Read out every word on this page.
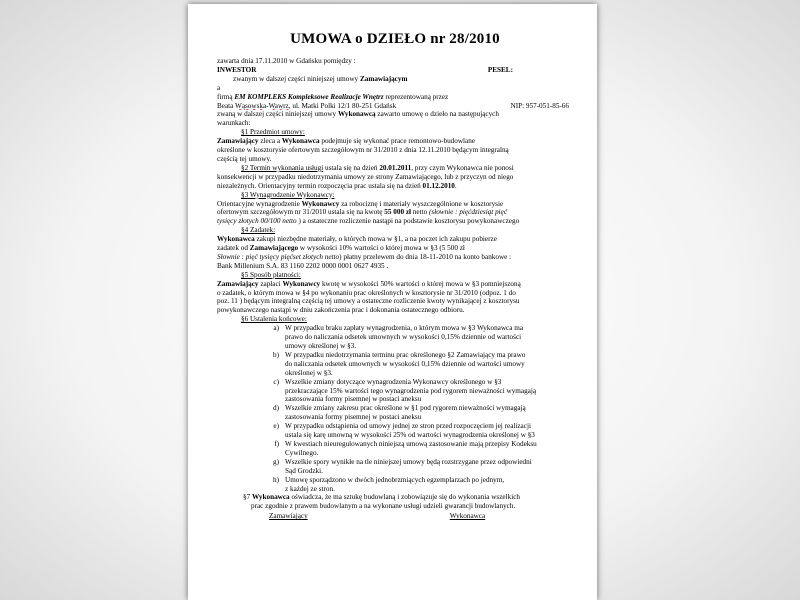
UMOWA o DZIEŁO nr 28/2010
zawarta dnia 17.11.2010 w Gdańsku pomiędzy :
INWESTOR	PESEL:
zwanym w dalszej części niniejszej umowy Zamawiającym
a
firmą EM KOMPLEKS Kompleksowe Realizacje Wnętrz reprezentowaną przez
Beata Wąsowska-Wawrz, ul. Matki Polki 12/1 80-251 Gdańsk	NIP: 957-051-85-66
zwaną w dalszej części niniejszej umowy Wykonawcą zawarto umowę o dzieło na następujących
warunkach:
§1 Przedmiot umowy:
Zamawiający zleca a Wykonawca podejmuje się wykonać prace remontowo-budowlane
określone w kosztorysie ofertowym szczegółowym nr 31/2010 z dnia 12.11.2010 będącym integralną
częścią tej umowy.
§2 Termin wykonania usługi ustala się na dzień 20.01.2011, przy czym Wykonawca nie ponosi
konsekwencji w przypadku niedotrzymania umowy ze strony Zamawiającego, lub z przyczyn od niego
niezależnych. Orientacyjny termin rozpoczęcia prac ustala się na dzień 01.12.2010.
§3 Wynagrodzenie Wykonawcy:
Orientacyjne wynagrodzenie Wykonawcy za robociznę i materiały wyszczególnione w kosztorysie
ofertowym szczegółowym nr 31/2010 ustala się na kwotę 55 000 zł netto (słownie : pięćdziesiąt pięć
tysięcy złotych 00/100 netto ) a ostateczne rozliczenie nastąpi na podstawie kosztorysu powykonawczego
§4 Zadatek:
Wykonawca zakupi niezbędne materiały, o których mowa w §1, a na poczet ich zakupu pobierze
zadatek od Zamawiającego w wysokości 10% wartości o której mowa w §3 (5 500 zł
Słownie : pięć tysięcy pięćset złotych netto) płatny przelewem do dnia 18-11-2010 na konto bankowe :
Bank Millenium S.A. 83 1160 2202 0000 0001 0627 4935 .
§5 Sposób płatności:
Zamawiający zapłaci Wykonawcy kwotę w wysokości 50% wartości o której mowa w §3 pomniejszoną
o zadatek, o którym mowa w §4 po wykonaniu prac określonych w kosztorysie nr 31/2010 (odpoz. 1 do
poz. 11 ) będącym integralną częścią tej umowy a ostateczne rozliczenie kwoty wynikającej z kosztorysu
powykonawczego nastąpi w dniu zakończenia prac i dokonania ostatecznego odbioru.
§6 Ustalenia końcowe:
a) W przypadku braku zapłaty wynagrodzenia, o którym mowa w §3 Wykonawca ma
prawo do naliczania odsetek umownych w wysokości 0,15% dziennie od wartości
umowy określonej w §3.
b) W przypadku niedotrzymania terminu prac określonego §2 Zamawiający ma prawo
do naliczania odsetek umownych w wysokości 0,15% dziennie od wartości umowy
określonej w §3.
c) Wszelkie zmiany dotyczące wynagrodzenia Wykonawcy określonego w §3
przekraczające 15% wartości tego wynagrodzenia pod rygorem nieważności wymagają
zastosowania formy pisemnej w postaci aneksu
d) Wszelkie zmiany zakresu prac określone w §1 pod rygorem nieważności wymagają
zastosowania formy pisemnej w postaci aneksu
e) W przypadku odstąpienia od umowy jednej ze stron przed rozpoczęciem jej realizacji
ustala się karę umowną w wysokości 25% od wartości wynagrodzenia określonej w §3
f) W kwestiach nieuregulowanych niniejszą umową zastosowanie mają przepisy Kodeksu
Cywilnego.
g) Wszelkie spory wynikłe na tle niniejszej umowy będą rozstrzygane przez odpowiedni
Sąd Grodzki.
h) Umowę sporządzono w dwóch jednobrzmiących egzemplarzach po jednym,
z każdej ze stron.
§7 Wykonawca oświadcza, że ma sztukę budowlaną i zobowiązuje się do wykonania wszelkich
prac zgodnie z prawem budowlanym a na wykonane usługi udzieli gwarancji budowlanych.
Zamawiający	Wykonawca
